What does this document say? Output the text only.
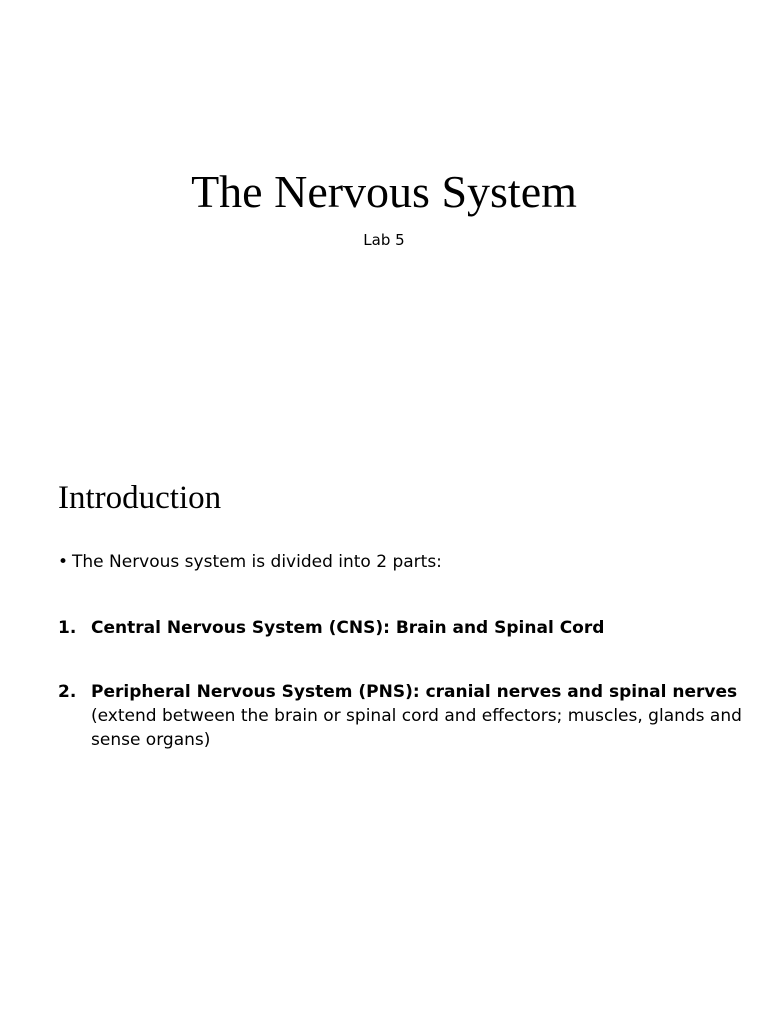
The Nervous System

Lab 5

Introduction

• The Nervous system is divided into 2 parts:

1. Central Nervous System (CNS): Brain and Spinal Cord
2. Peripheral Nervous System (PNS): cranial nerves and spinal nerves
(extend between the brain or spinal cord and effectors; muscles, glands and sense organs)
